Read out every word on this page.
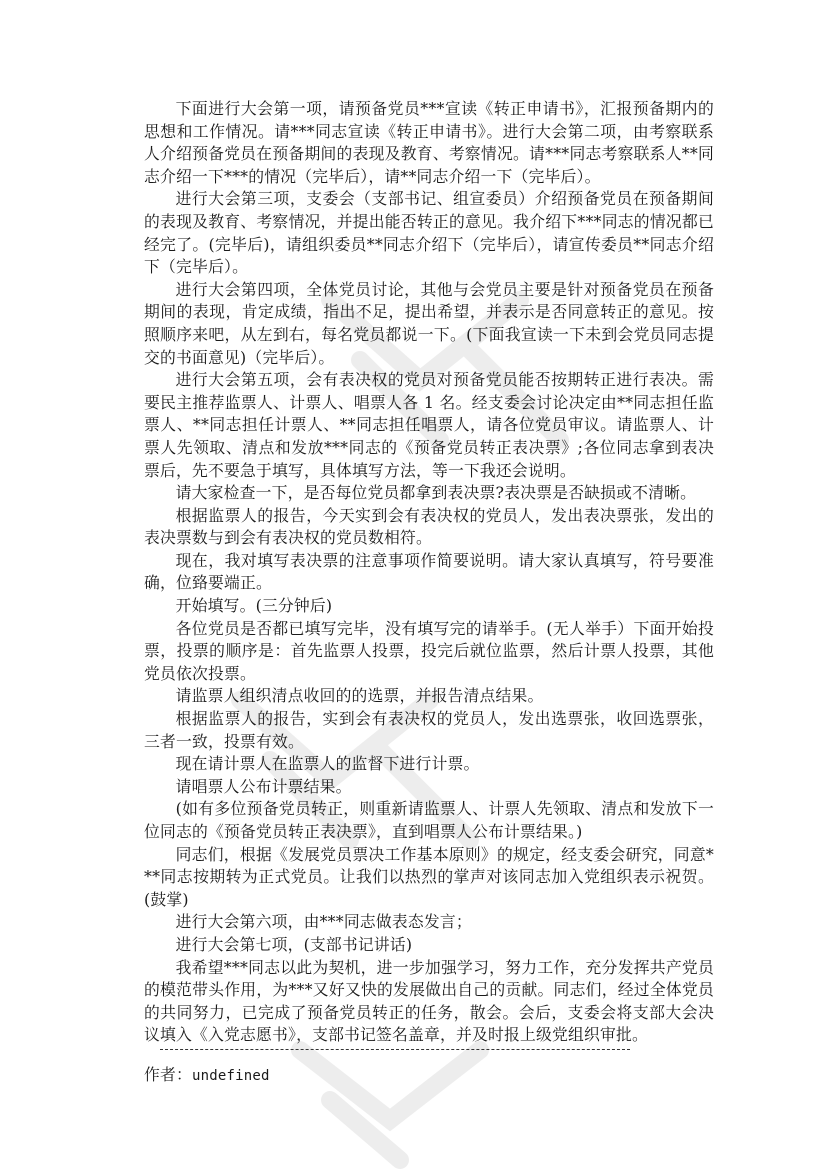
下面进行大会第一项，请预备党员***宣读《转正申请书》，汇报预备期内的思想和工作情况。请***同志宣读《转正申请书》。进行大会第二项，由考察联系人介绍预备党员在预备期间的表现及教育、考察情况。请***同志考察联系人**同志介绍一下***的情况（完毕后），请**同志介绍一下（完毕后）。

进行大会第三项，支委会（支部书记、组宣委员）介绍预备党员在预备期间的表现及教育、考察情况，并提出能否转正的意见。我介绍下***同志的情况都已经完了。(完毕后)，请组织委员**同志介绍下（完毕后），请宣传委员**同志介绍下（完毕后）。

进行大会第四项，全体党员讨论，其他与会党员主要是针对预备党员在预备期间的表现，肯定成绩，指出不足，提出希望，并表示是否同意转正的意见。按照顺序来吧，从左到右，每名党员都说一下。(下面我宣读一下未到会党员同志提交的书面意见)（完毕后）。

进行大会第五项，会有表决权的党员对预备党员能否按期转正进行表决。需要民主推荐监票人、计票人、唱票人各 1 名。经支委会讨论决定由**同志担任监票人、**同志担任计票人、**同志担任唱票人，请各位党员审议。请监票人、计票人先领取、清点和发放***同志的《预备党员转正表决票》;各位同志拿到表决票后，先不要急于填写，具体填写方法，等一下我还会说明。

请大家检查一下，是否每位党员都拿到表决票?表决票是否缺损或不清晰。

根据监票人的报告，今天实到会有表决权的党员人，发出表决票张，发出的表决票数与到会有表决权的党员数相符。

现在，我对填写表决票的注意事项作简要说明。请大家认真填写，符号要准确，位臵要端正。

开始填写。(三分钟后)

各位党员是否都已填写完毕，没有填写完的请举手。(无人举手）下面开始投票，投票的顺序是：首先监票人投票，投完后就位监票，然后计票人投票，其他党员依次投票。

请监票人组织清点收回的的选票，并报告清点结果。

根据监票人的报告，实到会有表决权的党员人，发出选票张，收回选票张，三者一致，投票有效。

现在请计票人在监票人的监督下进行计票。

请唱票人公布计票结果。

(如有多位预备党员转正，则重新请监票人、计票人先领取、清点和发放下一位同志的《预备党员转正表决票》，直到唱票人公布计票结果。)

同志们，根据《发展党员票决工作基本原则》的规定，经支委会研究，同意***同志按期转为正式党员。让我们以热烈的掌声对该同志加入党组织表示祝贺。(鼓掌)

进行大会第六项，由***同志做表态发言；

进行大会第七项，(支部书记讲话)

我希望***同志以此为契机，进一步加强学习，努力工作，充分发挥共产党员的模范带头作用，为***又好又快的发展做出自己的贡献。同志们，经过全体党员的共同努力，已完成了预备党员转正的任务，散会。会后，支委会将支部大会决议填入《入党志愿书》，支部书记签名盖章，并及时报上级党组织审批。

作者：undefined
